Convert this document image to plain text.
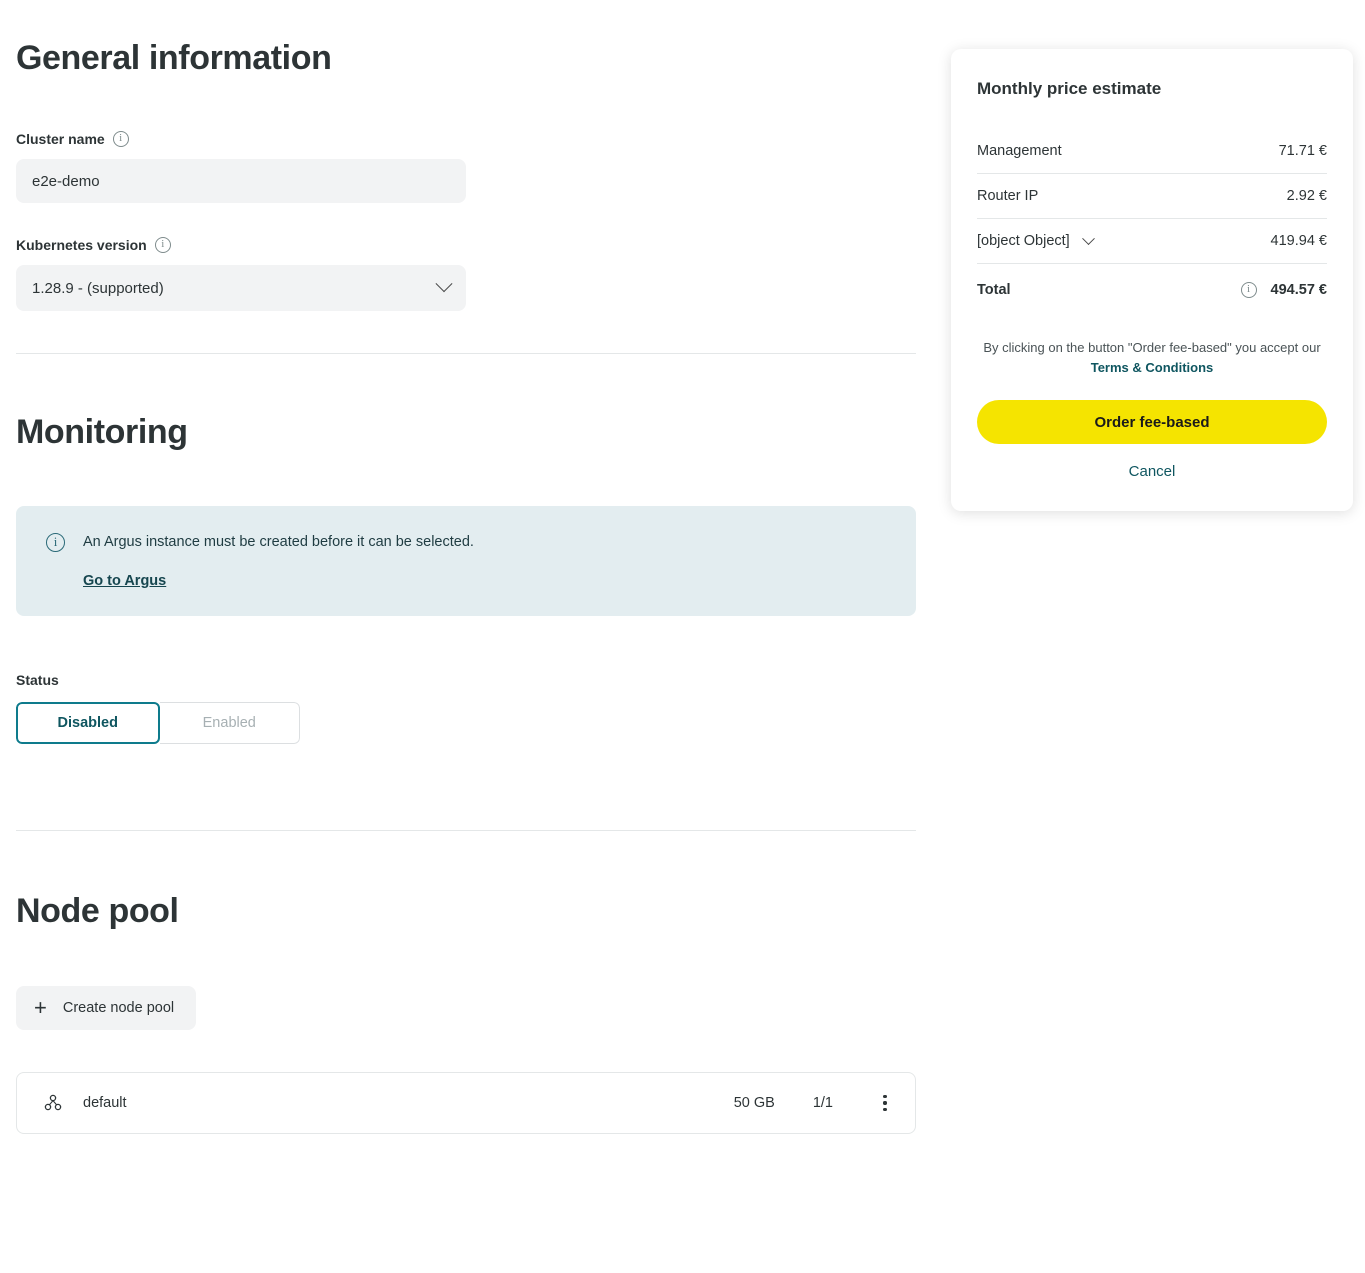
General information
Cluster name	i
e2e-demo
Kubernetes version	i
1.28.9 - (supported)
Monitoring
i	An Argus instance must be created before it can be selected.
Go to Argus
Status
Disabled	Enabled
Node pool
+ Create node pool
default	50 GB	1/1
Monthly price estimate
Management	71.71 €
Router IP	2.92 €
[object Object]	419.94 €
Total	i	494.57 €
By clicking on the button "Order fee-based" you accept our Terms & Conditions
Order fee-based
Cancel
